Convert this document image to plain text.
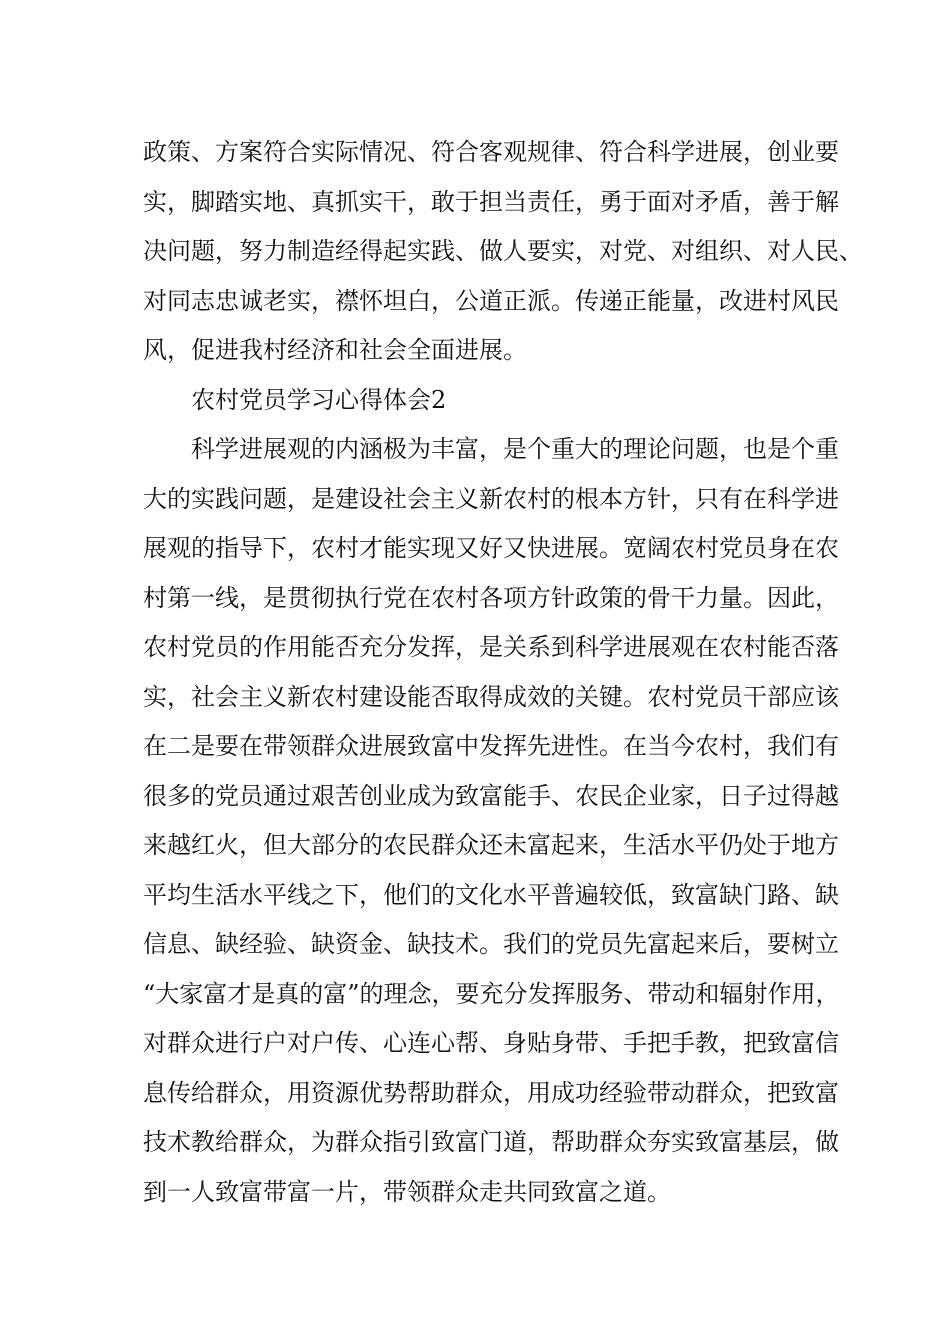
政策、方案符合实际情况、符合客观规律、符合科学进展，创业要
实，脚踏实地、真抓实干，敢于担当责任，勇于面对矛盾，善于解
决问题，努力制造经得起实践、做人要实，对党、对组织、对人民、
对同志忠诚老实，襟怀坦白，公道正派。传递正能量，改进村风民
风，促进我村经济和社会全面进展。
农村党员学习心得体会2
科学进展观的内涵极为丰富，是个重大的理论问题，也是个重
大的实践问题，是建设社会主义新农村的根本方针，只有在科学进
展观的指导下，农村才能实现又好又快进展。宽阔农村党员身在农
村第一线，是贯彻执行党在农村各项方针政策的骨干力量。因此，
农村党员的作用能否充分发挥，是关系到科学进展观在农村能否落
实，社会主义新农村建设能否取得成效的关键。农村党员干部应该
在二是要在带领群众进展致富中发挥先进性。在当今农村，我们有
很多的党员通过艰苦创业成为致富能手、农民企业家，日子过得越
来越红火，但大部分的农民群众还未富起来，生活水平仍处于地方
平均生活水平线之下，他们的文化水平普遍较低，致富缺门路、缺
信息、缺经验、缺资金、缺技术。我们的党员先富起来后，要树立
“大家富才是真的富”的理念，要充分发挥服务、带动和辐射作用，
对群众进行户对户传、心连心帮、身贴身带、手把手教，把致富信
息传给群众，用资源优势帮助群众，用成功经验带动群众，把致富
技术教给群众，为群众指引致富门道，帮助群众夯实致富基层，做
到一人致富带富一片，带领群众走共同致富之道。
